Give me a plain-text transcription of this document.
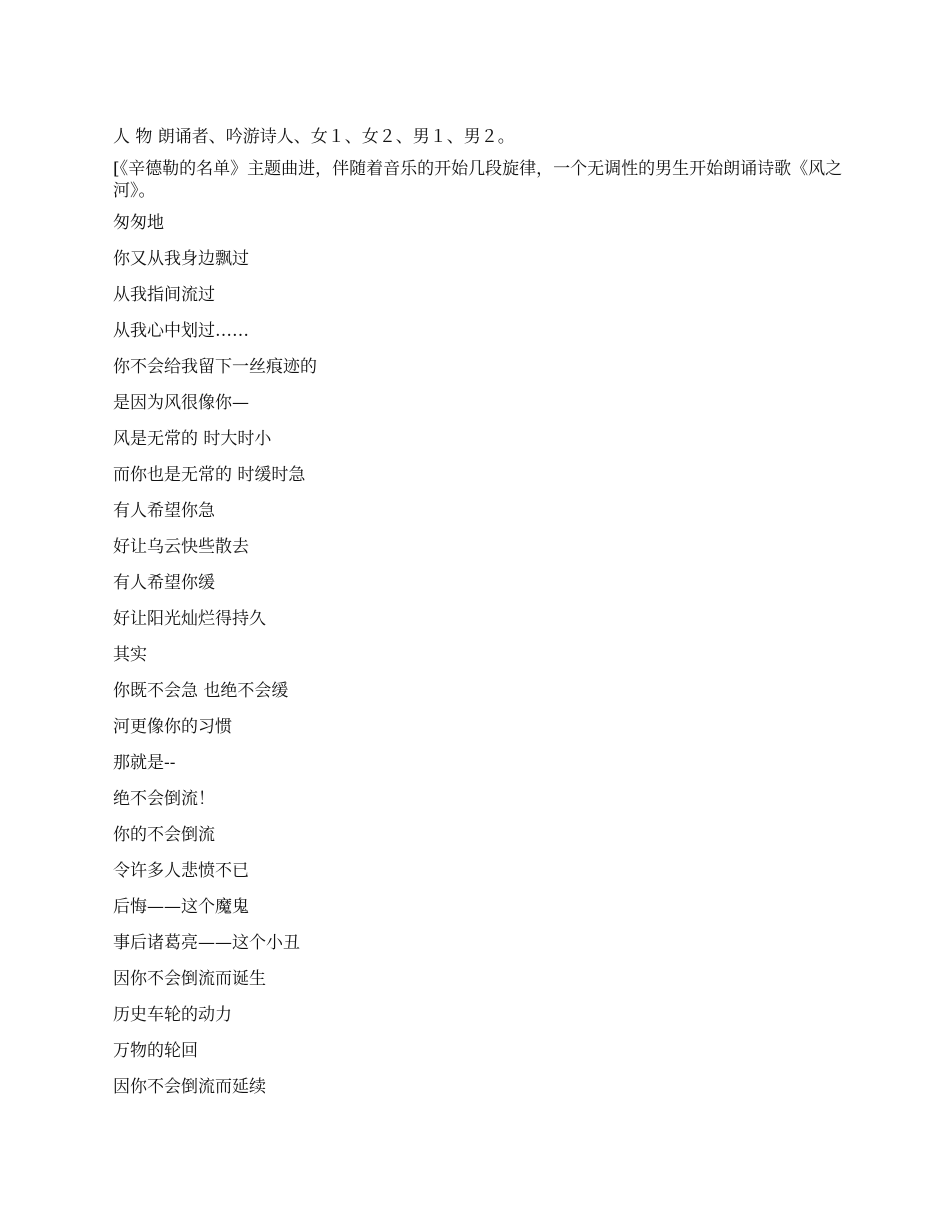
人 物 朗诵者、吟游诗人、女１、女２、男１、男２。

[《辛德勒的名单》主题曲进，伴随着音乐的开始几段旋律，一个无调性的男生开始朗诵诗歌《风之河》。

匆匆地
你又从我身边飘过
从我指间流过
从我心中划过……
你不会给我留下一丝痕迹的
是因为风很像你—
风是无常的 时大时小
而你也是无常的 时缓时急
有人希望你急
好让乌云快些散去
有人希望你缓
好让阳光灿烂得持久
其实
你既不会急 也绝不会缓
河更像你的习惯
那就是--
绝不会倒流！
你的不会倒流
令许多人悲愤不已
后悔——这个魔鬼
事后诸葛亮——这个小丑
因你不会倒流而诞生
历史车轮的动力
万物的轮回
因你不会倒流而延续
